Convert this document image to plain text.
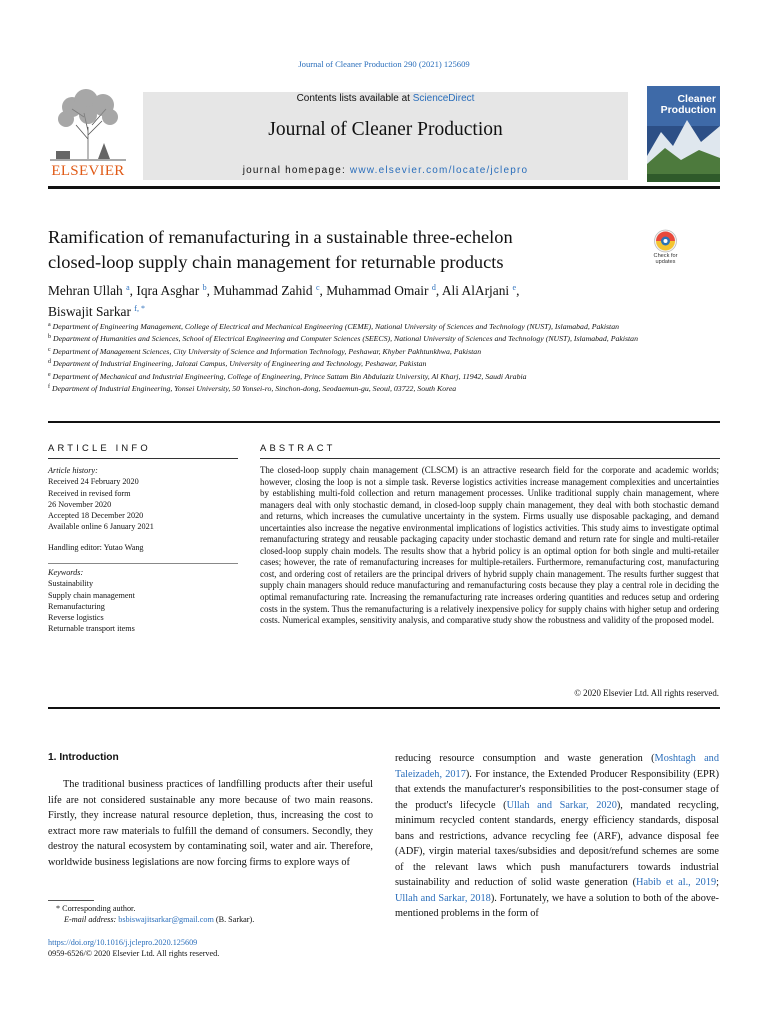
Journal of Cleaner Production 290 (2021) 125609
ELSEVIER
Contents lists available at ScienceDirect
Journal of Cleaner Production
journal homepage: www.elsevier.com/locate/jclepro
Cleaner
Production
Ramification of remanufacturing in a sustainable three-echelon
closed-loop supply chain management for returnable products	Check for
updates
Mehran Ullah $^a$, Iqra Asghar $^b$, Muhammad Zahid $^c$, Muhammad Omair $^d$, Ali AlArjani $^e$,
Biswajit Sarkar $^{f, *}$
$^a$ Department of Engineering Management, College of Electrical and Mechanical Engineering (CEME), National University of Sciences and Technology (NUST), Islamabad, Pakistan
$^b$ Department of Humanities and Sciences, School of Electrical Engineering and Computer Sciences (SEECS), National University of Sciences and Technology (NUST), Islamabad, Pakistan
$^c$ Department of Management Sciences, City University of Science and Information Technology, Peshawar, Khyber Pakhtunkhwa, Pakistan
$^d$ Department of Industrial Engineering, Jalozai Campus, University of Engineering and Technology, Peshawar, Pakistan
$^e$ Department of Mechanical and Industrial Engineering, College of Engineering, Prince Sattam Bin Abdulaziz University, Al Kharj, 11942, Saudi Arabia
$^f$ Department of Industrial Engineering, Yonsei University, 50 Yonsei-ro, Sinchon-dong, Seodaemun-gu, Seoul, 03722, South Korea
ARTICLE INFO	ABSTRACT
Article history:
Received 24 February 2020
Received in revised form
26 November 2020
Accepted 18 December 2020
Available online 6 January 2021
Handling editor: Yutao Wang
Keywords:
Sustainability
Supply chain management
Remanufacturing
Reverse logistics
Returnable transport items
The closed-loop supply chain management (CLSCM) is an attractive research field for the corporate and academic worlds; however, closing the loop is not a simple task. Reverse logistics activities increase management complexities and uncertainties by establishing multi-fold collection and return management processes. Unlike traditional supply chain management, where managers deal with only stochastic demand, in closed-loop supply chain management, they deal with both stochastic demand and returns, which increases the cumulative uncertainty in the system. Firms usually use disposable packaging, and demand uncertainties also increase the negative environmental implications of logistics activities. This study aims to investigate optimal remanufacturing strategy and reusable packaging capacity under stochastic demand and return rate for single and multi-retailer closed-loop supply chain models. The results show that a hybrid policy is an optimal option for both single and multi-retailer cases; however, the rate of remanufacturing increases for multiple-retailers. Furthermore, remanufacturing cost, manufacturing cost, and ordering cost of retailers are the principal drivers of hybrid supply chain management. The results further suggest that supply chain managers should reduce manufacturing and remanufacturing costs because they play a central role in deciding the optimal remanufacturing rate. Increasing the remanufacturing rate increases ordering quantities and reduces setup and ordering costs in the system. Thus the remanufacturing is a relatively inexpensive policy for supply chains with higher setup and ordering costs. Numerical examples, sensitivity analysis, and comparative study show the robustness and validity of the proposed model.
© 2020 Elsevier Ltd. All rights reserved.
1. Introduction
The traditional business practices of landfilling products after their useful life are not considered sustainable any more because of two main reasons. Firstly, they increase natural resource depletion, thus, increasing the cost to extract more raw materials to fulfill the demand of consumers. Secondly, they destroy the natural ecosystem by contaminating soil, water and air. Therefore, worldwide business legislations are now forcing firms to explore ways of
reducing resource consumption and waste generation (Moshtagh and Taleizadeh, 2017). For instance, the Extended Producer Responsibility (EPR) that extends the manufacturer's responsibilities to the post-consumer stage of the product's lifecycle (Ullah and Sarkar, 2020), mandated recycling, minimum recycled content standards, energy efficiency standards, disposal bans and restrictions, advance recycling fee (ARF), advance disposal fee (ADF), virgin material taxes/subsidies and deposit/refund schemes are some of the relevant laws which push manufacturers towards industrial sustainability and reduction of solid waste generation (Habib et al., 2019; Ullah and Sarkar, 2018). Fortunately, we have a solution to both of the above-mentioned problems in the form of
* Corresponding author.
E-mail address: bsbiswajitsarkar@gmail.com (B. Sarkar).
https://doi.org/10.1016/j.jclepro.2020.125609
0959-6526/© 2020 Elsevier Ltd. All rights reserved.
